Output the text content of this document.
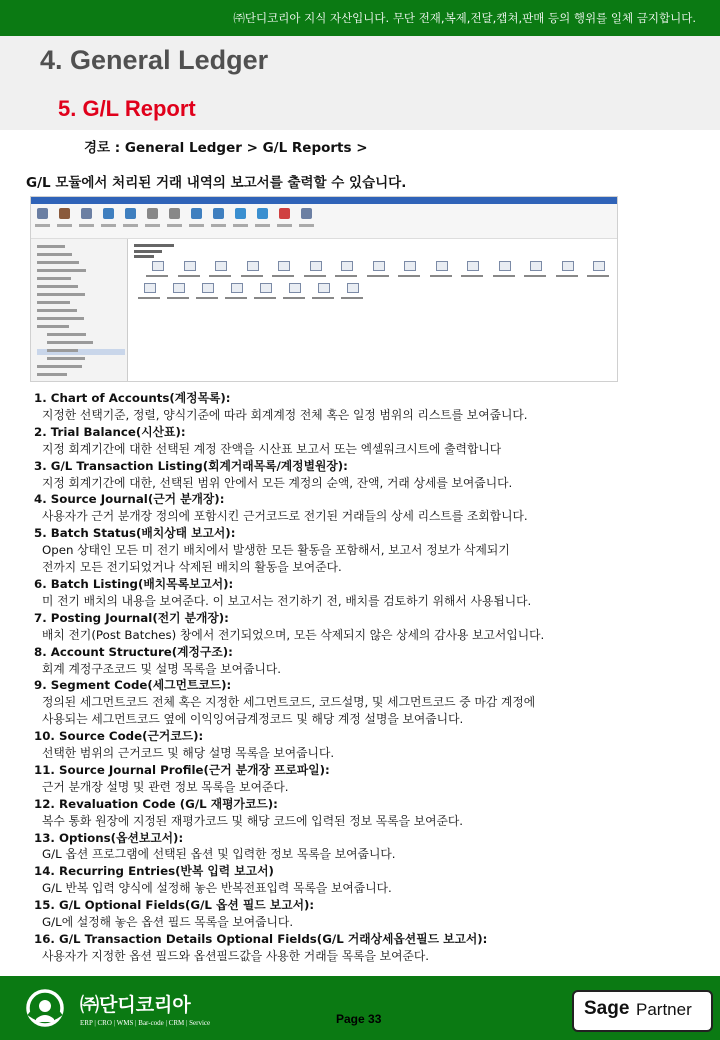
㈜단디코리아 지식 자산입니다. 무단 전재,복제,전달,캡쳐,판매 등의 행위를 일체 금지합니다.
4. General Ledger
5. G/L Report
경로 : General Ledger > G/L Reports >
G/L 모듈에서 처리된 거래 내역의 보고서를 출력할 수 있습니다.

1. Chart of Accounts(계정목록):

지정한 선택기준, 정렬, 양식기준에 따라 회계계정 전체 혹은 일정 범위의 리스트를 보여줍니다.

2. Trial Balance(시산표):

지정 회계기간에 대한 선택된 계정 잔액을 시산표 보고서 또는 엑셀워크시트에 출력합니다

3. G/L Transaction Listing(회계거래목록/계정별원장):

지정 회계기간에 대한, 선택된 범위 안에서 모든 계정의 순액, 잔액, 거래 상세를 보여줍니다.

4. Source Journal(근거 분개장):

사용자가 근거 분개장 정의에 포함시킨 근거코드로 전기된 거래들의 상세 리스트를 조회합니다.

5. Batch Status(배치상태 보고서):

Open 상태인 모든 미 전기 배치에서 발생한 모든 활동을 포함해서, 보고서 정보가 삭제되기

전까지 모든 전기되었거나 삭제된 배치의 활동을 보여준다.

6. Batch Listing(배치목록보고서):

미 전기 배치의 내용을 보여준다. 이 보고서는 전기하기 전, 배치를 검토하기 위해서 사용됩니다.

7. Posting Journal(전기 분개장):

배치 전기(Post Batches) 창에서 전기되었으며, 모든 삭제되지 않은 상세의 감사용 보고서입니다.

8. Account Structure(계정구조):

회계 계정구조코드 및 설명 목록을 보여줍니다.

9. Segment Code(세그먼트코드):

정의된 세그먼트코드 전체 혹은 지정한 세그먼트코드, 코드설명, 및 세그먼트코드 중 마감 계정에

사용되는 세그먼트코드 옆에 이익잉여금계정코드 및 해당 계정 설명을 보여줍니다.

10. Source Code(근거코드):

선택한 범위의 근거코드 및 해당 설명 목록을 보여줍니다.

11. Source Journal Profile(근거 분개장 프로파일):

근거 분개장 설명 및 관련 정보 목록을 보여준다.

12. Revaluation Code (G/L 재평가코드):

복수 통화 원장에 지정된 재평가코드 및 해당 코드에 입력된 정보 목록을 보여준다.

13. Options(옵션보고서):

G/L 옵션 프로그램에 선택된 옵션 및 입력한 정보 목록을 보여줍니다.

14. Recurring Entries(반복 입력 보고서)

G/L 반복 입력 양식에 설정해 놓은 반복전표입력 목록을 보여줍니다.

15. G/L Optional Fields(G/L 옵션 필드 보고서):

G/L에 설정해 놓은 옵션 필드 목록을 보여줍니다.

16. G/L Transaction Details Optional Fields(G/L 거래상세옵션필드 보고서):

사용자가 지정한 옵션 필드와 옵션필드값을 사용한 거래들 목록을 보여준다.

㈜단디코리아
ERP | CRO | WMS | Bar-code | CRM | Service	Page 33	Sage Partner
